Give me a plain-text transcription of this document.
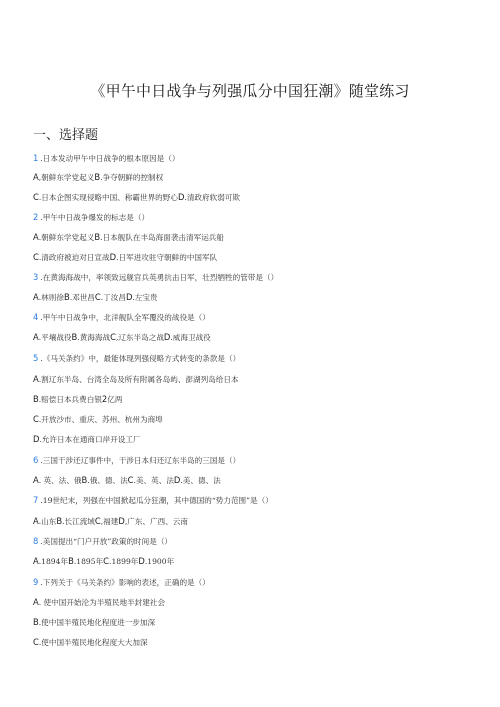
《甲午中日战争与列强瓜分中国狂潮》随堂练习
一、选择题
1 .日本发动甲午中日战争的根本原因是（）
A,朝鲜东学党起义B.争夺朝鲜的控制权
C.日本企图实现侵略中国、称霸世界的野心D.清政府软弱可欺
2 .甲午中日战争爆发的标志是（）
A.朝鲜东学党起义B.日本舰队在丰岛海面袭击清军运兵船
C.清政府被迫对日宣战D.日军进攻驻守朝鲜的中国军队
3 .在黄海海战中，率领致远舰官兵英勇抗击日军，壮烈牺牲的管带是（）
A.林则徐B.邓世昌C.丁汝昌D.左宝贵
4 .甲午中日战争中，北洋舰队全军覆没的战役是（）
A.平壤战役B.黄海海战C,辽东半岛之战D.威海卫战役
5 .《马关条约》中，最能体现列强侵略方式转变的条款是（）
A.割辽东半岛、台湾全岛及所有附属各岛屿、澎湖列岛给日本
B.赔偿日本兵费白银2亿两
C.开放沙市、重庆、苏州、杭州为商埠
D.允许日本在通商口岸开设工厂
6 .三国干涉还辽事件中，干涉日本归还辽东半岛的三国是（）
A. 英、法、俄B.俄、德、法C.美、英、法D.美、德、法
7 .19世纪末，列强在中国掀起瓜分狂潮，其中德国的“势力范围”是（）
A.山东B.长江流域C,福建D,广东、广西、云南
8 .美国提出“门户开放”政策的时间是（）
A.1894年B.1895年C.1899年D.1900年
9 .下列关于《马关条约》影响的表述，正确的是（）
A. 使中国开始沦为半殖民地半封建社会
B.使中国半殖民地化程度进一步加深
C.使中国半殖民地化程度大大加深
